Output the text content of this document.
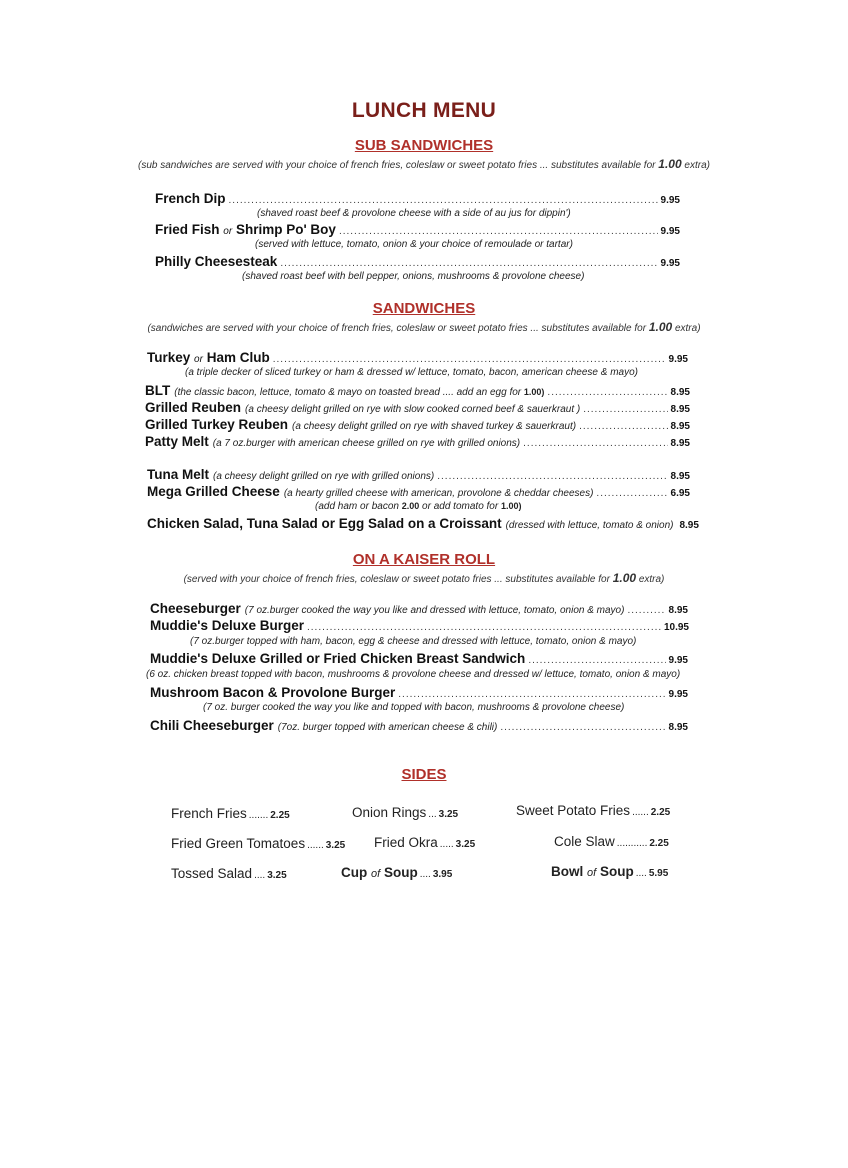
LUNCH MENU
SUB SANDWICHES
(sub sandwiches are served with your choice of french fries, coleslaw or sweet potato fries ... substitutes available for 1.00 extra)
French Dip .....	9.95
(shaved roast beef & provolone cheese with a side of au jus for dippin')
Fried Fish or Shrimp Po' Boy .....	9.95
(served with lettuce, tomato, onion & your choice of remoulade or tartar)
Philly Cheesesteak .....	9.95
(shaved roast beef with bell pepper, onions, mushrooms & provolone cheese)
SANDWICHES
(sandwiches are served with your choice of french fries, coleslaw or sweet potato fries ... substitutes available for 1.00 extra)
Turkey or Ham Club .....	9.95
(a triple decker of sliced turkey or ham & dressed w/ lettuce, tomato, bacon, american cheese & mayo)
BLT (the classic bacon, lettuce, tomato & mayo on toasted bread .... add an egg for 1.00) .....	8.95
Grilled Reuben (a cheesy delight grilled on rye with slow cooked corned beef & sauerkraut ) .....	8.95
Grilled Turkey Reuben (a cheesy delight grilled on rye with shaved turkey & sauerkraut) .....	8.95
Patty Melt (a 7 oz.burger with american cheese grilled on rye with grilled onions) .....	8.95
Tuna Melt (a cheesy delight grilled on rye with grilled onions) .....	8.95
Mega Grilled Cheese (a hearty grilled cheese with american, provolone & cheddar cheeses) .....	6.95
(add ham or bacon 2.00 or add tomato for 1.00)
Chicken Salad, Tuna Salad or Egg Salad on a Croissant (dressed with lettuce, tomato & onion) 8.95
ON A KAISER ROLL
(served with your choice of french fries, coleslaw or sweet potato fries ... substitutes available for 1.00 extra)
Cheeseburger (7 oz.burger cooked the way you like and dressed with lettuce, tomato, onion & mayo) .....	8.95
Muddie's Deluxe Burger .....	10.95
(7 oz.burger topped with ham, bacon, egg & cheese and dressed with lettuce, tomato, onion & mayo)
Muddie's Deluxe Grilled or Fried Chicken Breast Sandwich .....	9.95
(6 oz. chicken breast topped with bacon, mushrooms & provolone cheese and dressed w/ lettuce, tomato, onion & mayo)
Mushroom Bacon & Provolone Burger .....	9.95
(7 oz. burger cooked the way you like and topped with bacon, mushrooms & provolone cheese)
Chili Cheeseburger (7oz. burger topped with american cheese & chili) .....	8.95
SIDES
French Fries ....... 2.25	Onion Rings ... 3.25	Sweet Potato Fries ...... 2.25
Fried Green Tomatoes ...... 3.25 Fried Okra ..... 3.25	Cole Slaw ........... 2.25
Tossed Salad .... 3.25	Cup of Soup .... 3.95	Bowl of Soup .... 5.95
